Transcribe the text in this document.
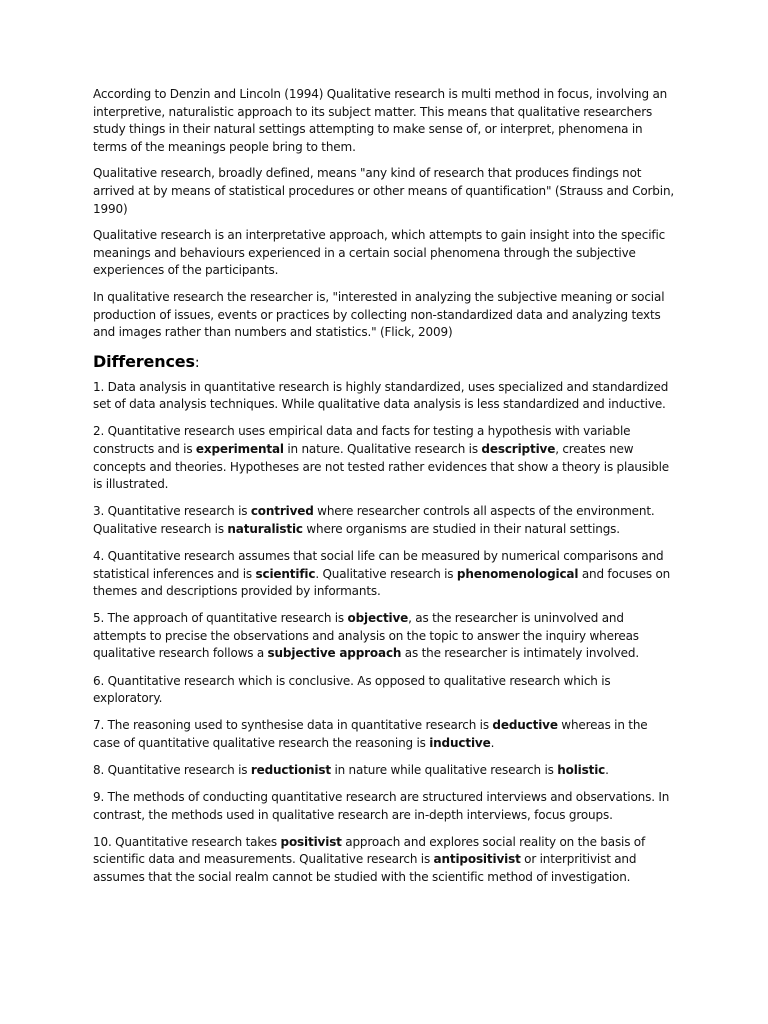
According to Denzin and Lincoln (1994) Qualitative research is multi method in focus, involving an interpretive, naturalistic approach to its subject matter. This means that qualitative researchers study things in their natural settings attempting to make sense of, or interpret, phenomena in terms of the meanings people bring to them.

Qualitative research, broadly defined, means "any kind of research that produces findings not arrived at by means of statistical procedures or other means of quantification" (Strauss and Corbin, 1990)

Qualitative research is an interpretative approach, which attempts to gain insight into the specific meanings and behaviours experienced in a certain social phenomena through the subjective experiences of the participants.

In qualitative research the researcher is, "interested in analyzing the subjective meaning or social production of issues, events or practices by collecting non-standardized data and analyzing texts and images rather than numbers and statistics." (Flick, 2009)

Differences:

1. Data analysis in quantitative research is highly standardized, uses specialized and standardized set of data analysis techniques. While qualitative data analysis is less standardized and inductive.

2. Quantitative research uses empirical data and facts for testing a hypothesis with variable constructs and is experimental in nature. Qualitative research is descriptive, creates new concepts and theories. Hypotheses are not tested rather evidences that show a theory is plausible is illustrated.

3. Quantitative research is contrived where researcher controls all aspects of the environment. Qualitative research is naturalistic where organisms are studied in their natural settings.

4. Quantitative research assumes that social life can be measured by numerical comparisons and statistical inferences and is scientific. Qualitative research is phenomenological and focuses on themes and descriptions provided by informants.

5. The approach of quantitative research is objective, as the researcher is uninvolved and attempts to precise the observations and analysis on the topic to answer the inquiry whereas qualitative research follows a subjective approach as the researcher is intimately involved.

6. Quantitative research which is conclusive. As opposed to qualitative research which is exploratory.

7. The reasoning used to synthesise data in quantitative research is deductive whereas in the case of quantitative qualitative research the reasoning is inductive.

8. Quantitative research is reductionist in nature while qualitative research is holistic.

9. The methods of conducting quantitative research are structured interviews and observations. In contrast, the methods used in qualitative research are in-depth interviews, focus groups.

10. Quantitative research takes positivist approach and explores social reality on the basis of scientific data and measurements. Qualitative research is antipositivist or interpritivist and assumes that the social realm cannot be studied with the scientific method of investigation.
